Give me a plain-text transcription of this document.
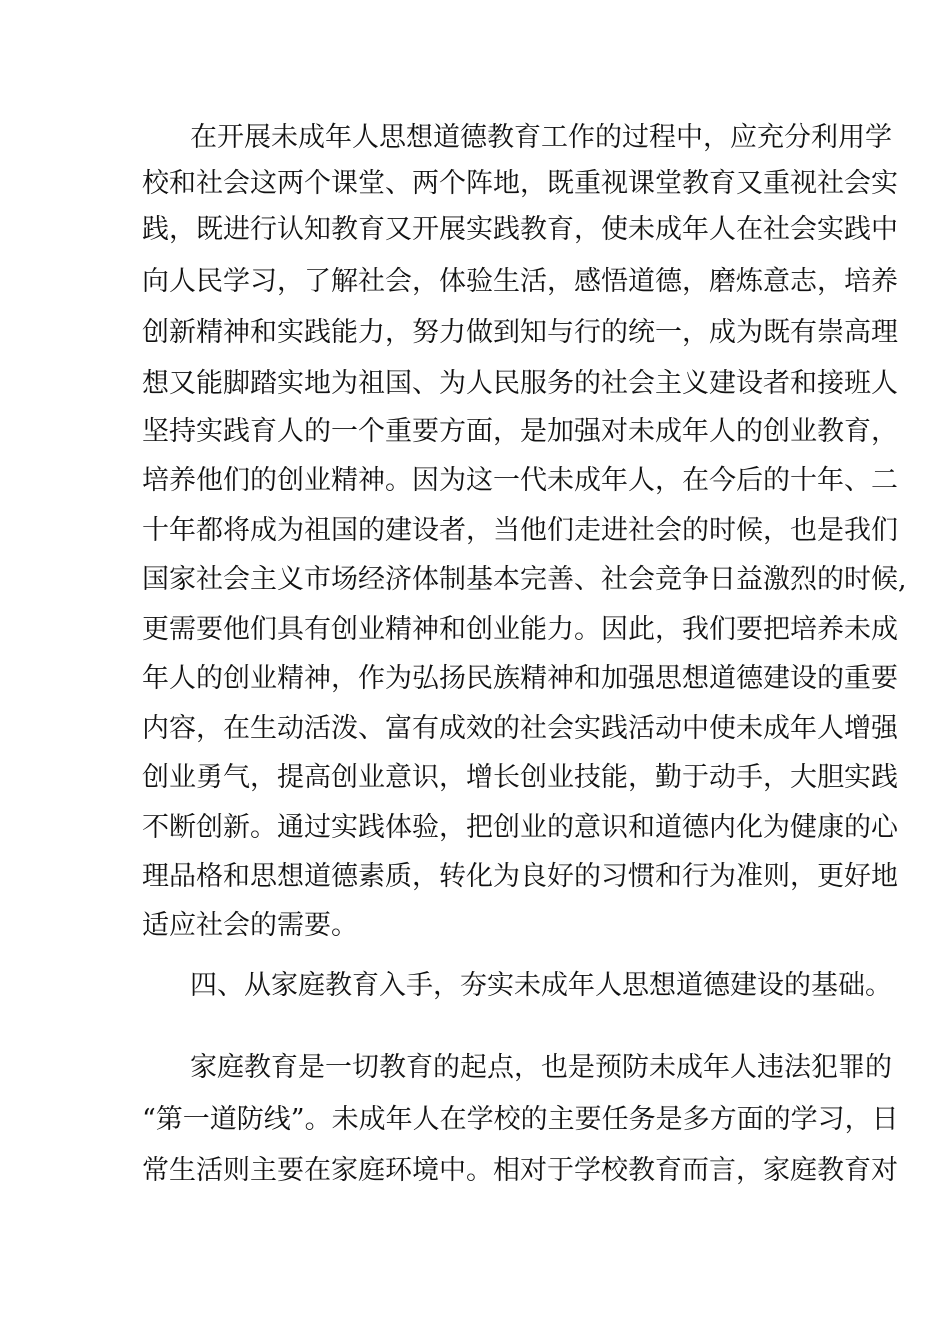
在开展未成年人思想道德教育工作的过程中，应充分利用学
校和社会这两个课堂、两个阵地，既重视课堂教育又重视社会实
践，既进行认知教育又开展实践教育，使未成年人在社会实践中
向人民学习，了解社会，体验生活，感悟道德，磨炼意志，培养
创新精神和实践能力，努力做到知与行的统一，成为既有崇高理
想又能脚踏实地为祖国、为人民服务的社会主义建设者和接班人
坚持实践育人的一个重要方面，是加强对未成年人的创业教育，
培养他们的创业精神。因为这一代未成年人，在今后的十年、二
十年都将成为祖国的建设者，当他们走进社会的时候，也是我们
国家社会主义市场经济体制基本完善、社会竞争日益激烈的时候,
更需要他们具有创业精神和创业能力。因此，我们要把培养未成
年人的创业精神，作为弘扬民族精神和加强思想道德建设的重要
内容，在生动活泼、富有成效的社会实践活动中使未成年人增强
创业勇气，提高创业意识，增长创业技能，勤于动手，大胆实践
不断创新。通过实践体验，把创业的意识和道德内化为健康的心
理品格和思想道德素质，转化为良好的习惯和行为准则，更好地
适应社会的需要。
四、从家庭教育入手，夯实未成年人思想道德建设的基础。
家庭教育是一切教育的起点，也是预防未成年人违法犯罪的
“第一道防线”。未成年人在学校的主要任务是多方面的学习，日
常生活则主要在家庭环境中。相对于学校教育而言，家庭教育对
